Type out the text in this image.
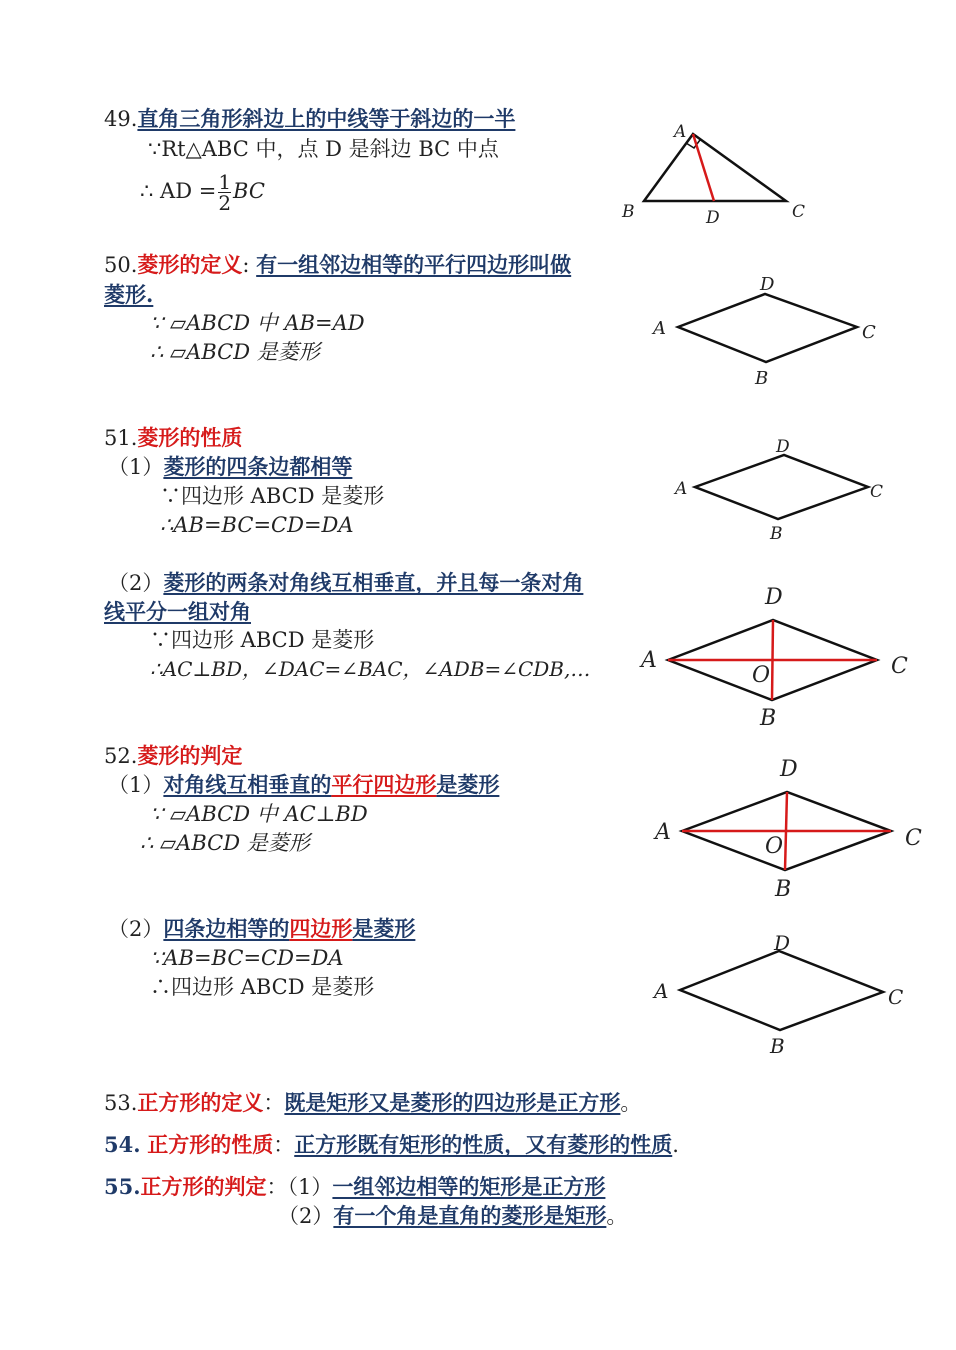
49.直角三角形斜边上的中线等于斜边的一半
∵Rt△ABC 中，点 D 是斜边 BC 中点
∴ AD = $\frac{1}{2}$ BC
A
B	C
D
50.菱形的定义: 有一组邻边相等的平行四边形叫做
菱形.
∵ ▱ABCD 中 AB=AD
∴ ▱ABCD 是菱形
A
D
C
B
51.菱形的性质
（1）菱形的四条边都相等
∵四边形 ABCD 是菱形
∴AB=BC=CD=DA
A
D
C
B
（2）菱形的两条对角线互相垂直，并且每一条对角
线平分一组对角
∵四边形 ABCD 是菱形
∴AC⊥BD，∠DAC=∠BAC，∠ADB=∠CDB,… A
D
C
B
O
52.菱形的判定
（1）对角线互相垂直的平行四边形是菱形
∵ ▱ABCD 中 AC⊥BD
∴ ▱ABCD 是菱形	A
D
C
B
O
（2）四条边相等的四边形是菱形
∵AB=BC=CD=DA
∴四边形 ABCD 是菱形	A
D
C
B
53.正方形的定义：既是矩形又是菱形的四边形是正方形。
54. 正方形的性质：正方形既有矩形的性质，又有菱形的性质.
55.正方形的判定：（1）一组邻边相等的矩形是正方形
（2）有一个角是直角的菱形是矩形。
